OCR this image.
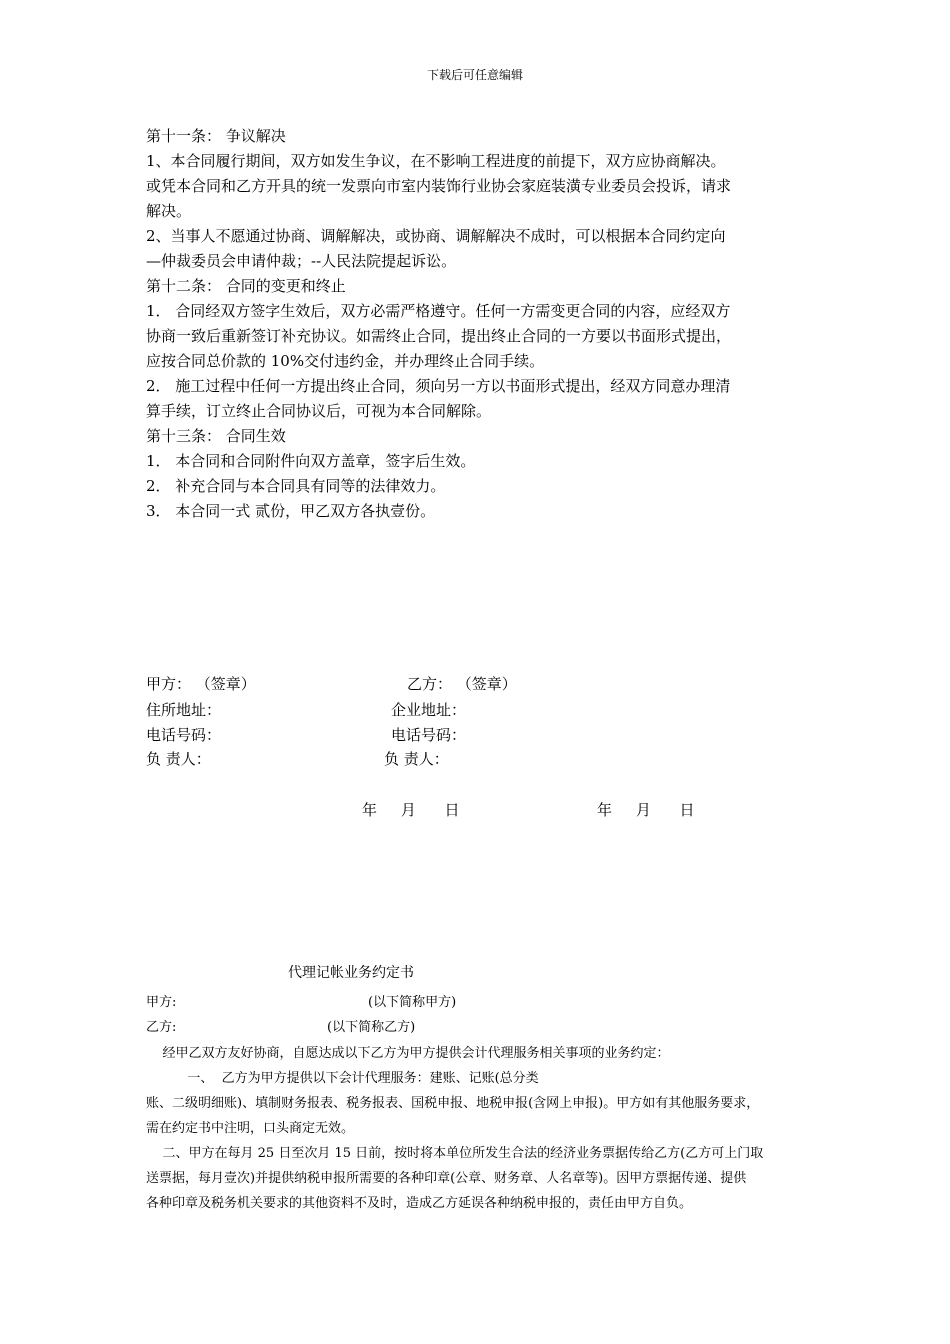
下载后可任意编辑

第十一条： 争议解决

1、本合同履行期间，双方如发生争议，在不影响工程进度的前提下，双方应协商解决。

或凭本合同和乙方开具的统一发票向市室内装饰行业协会家庭装潢专业委员会投诉，请求

解决。

2、当事人不愿通过协商、调解解决，或协商、调解解决不成时，可以根据本合同约定向

—仲裁委员会申请仲裁；--人民法院提起诉讼。

第十二条： 合同的变更和终止

1． 合同经双方签字生效后，双方必需严格遵守。任何一方需变更合同的内容，应经双方

协商一致后重新签订补充协议。如需终止合同，提出终止合同的一方要以书面形式提出，

应按合同总价款的 10%交付违约金，并办理终止合同手续。

2． 施工过程中任何一方提出终止合同，须向另一方以书面形式提出，经双方同意办理清

算手续，订立终止合同协议后，可视为本合同解除。

第十三条： 合同生效

1． 本合同和合同附件向双方盖章，签字后生效。

2． 补充合同与本合同具有同等的法律效力。

3． 本合同一式 贰份，甲乙双方各执壹份。

甲方： （签章）	乙方： （签章）
住所地址：	企业地址：
电话号码：	电话号码：
负 责人：	负 责人：
年     月      日	年     月      日
代理记帐业务约定书
甲方:	(以下简称甲方)
乙方:	(以下简称乙方)

经甲乙双方友好协商，自愿达成以下乙方为甲方提供会计代理服务相关事项的业务约定：

一、  乙方为甲方提供以下会计代理服务：建账、记账(总分类

账、二级明细账)、填制财务报表、税务报表、国税申报、地税申报(含网上申报)。甲方如有其他服务要求，

需在约定书中注明，口头商定无效。

二、甲方在每月 25 日至次月 15 日前，按时将本单位所发生合法的经济业务票据传给乙方(乙方可上门取

送票据，每月壹次)并提供纳税申报所需要的各种印章(公章、财务章、人名章等)。因甲方票据传递、提供

各种印章及税务机关要求的其他资料不及时，造成乙方延误各种纳税申报的，责任由甲方自负。
